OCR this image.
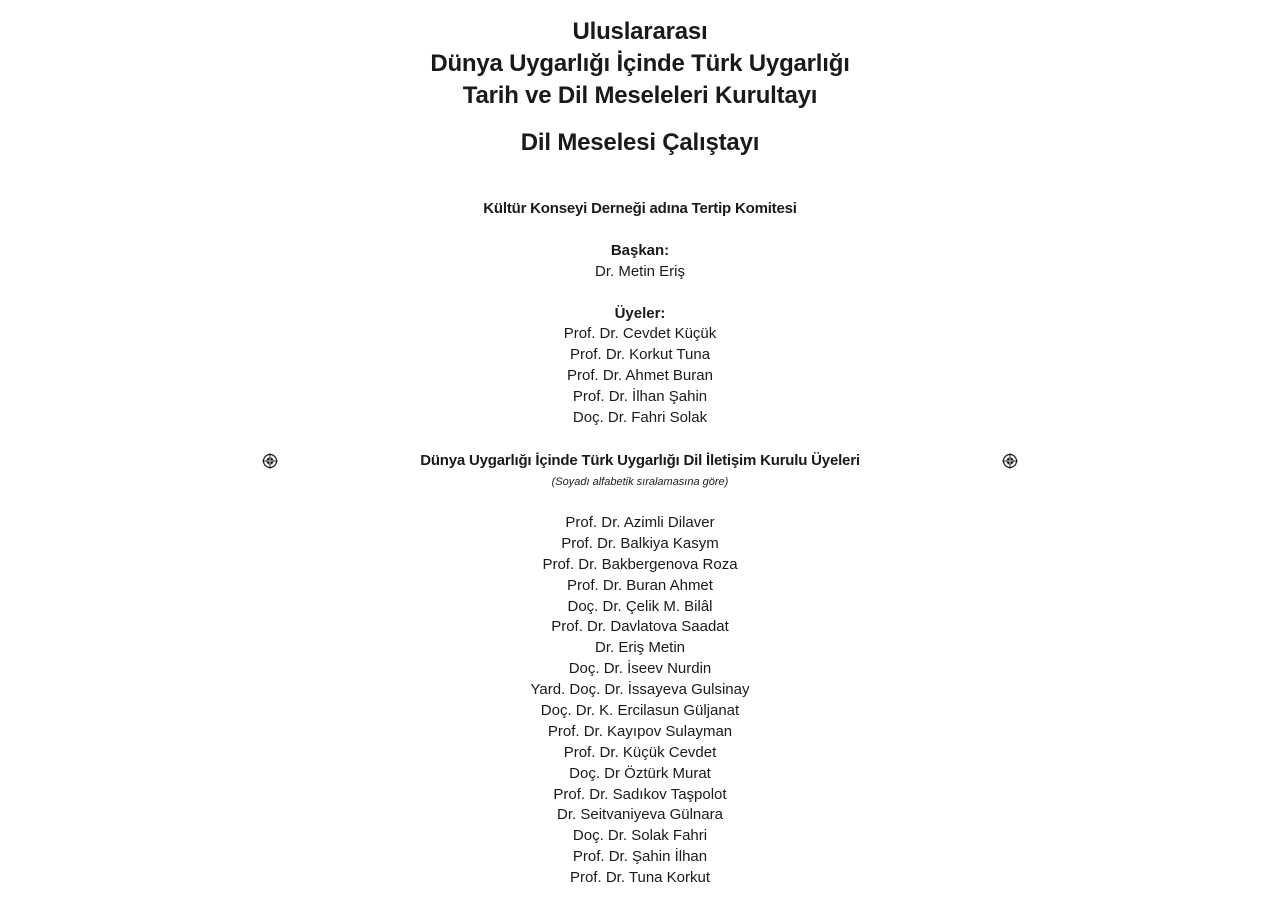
Uluslararası
Dünya Uygarlığı İçinde Türk Uygarlığı
Tarih ve Dil Meseleleri Kurultayı
Dil Meselesi Çalıştayı
Kültür Konseyi Derneği adına Tertip Komitesi
Başkan:
Dr. Metin Eriş
Üyeler:
Prof. Dr. Cevdet Küçük
Prof. Dr. Korkut Tuna
Prof. Dr. Ahmet Buran
Prof. Dr. İlhan Şahin
Doç. Dr. Fahri Solak
Dünya Uygarlığı İçinde Türk Uygarlığı Dil İletişim Kurulu Üyeleri
(Soyadı alfabetik sıralamasına göre)
Prof. Dr. Azimli Dilaver
Prof. Dr. Balkiya Kasym
Prof. Dr. Bakbergenova Roza
Prof. Dr. Buran Ahmet
Doç. Dr. Çelik M. Bilâl
Prof. Dr. Davlatova Saadat
Dr. Eriş Metin
Doç. Dr. İseev Nurdin
Yard. Doç. Dr. İssayeva Gulsinay
Doç. Dr. K. Ercilasun Güljanat
Prof. Dr. Kayıpov Sulayman
Prof. Dr. Küçük Cevdet
Doç. Dr Öztürk Murat
Prof. Dr. Sadıkov Taşpolot
Dr. Seitvaniyeva Gülnara
Doç. Dr. Solak Fahri
Prof. Dr. Şahin İlhan
Prof. Dr. Tuna Korkut
